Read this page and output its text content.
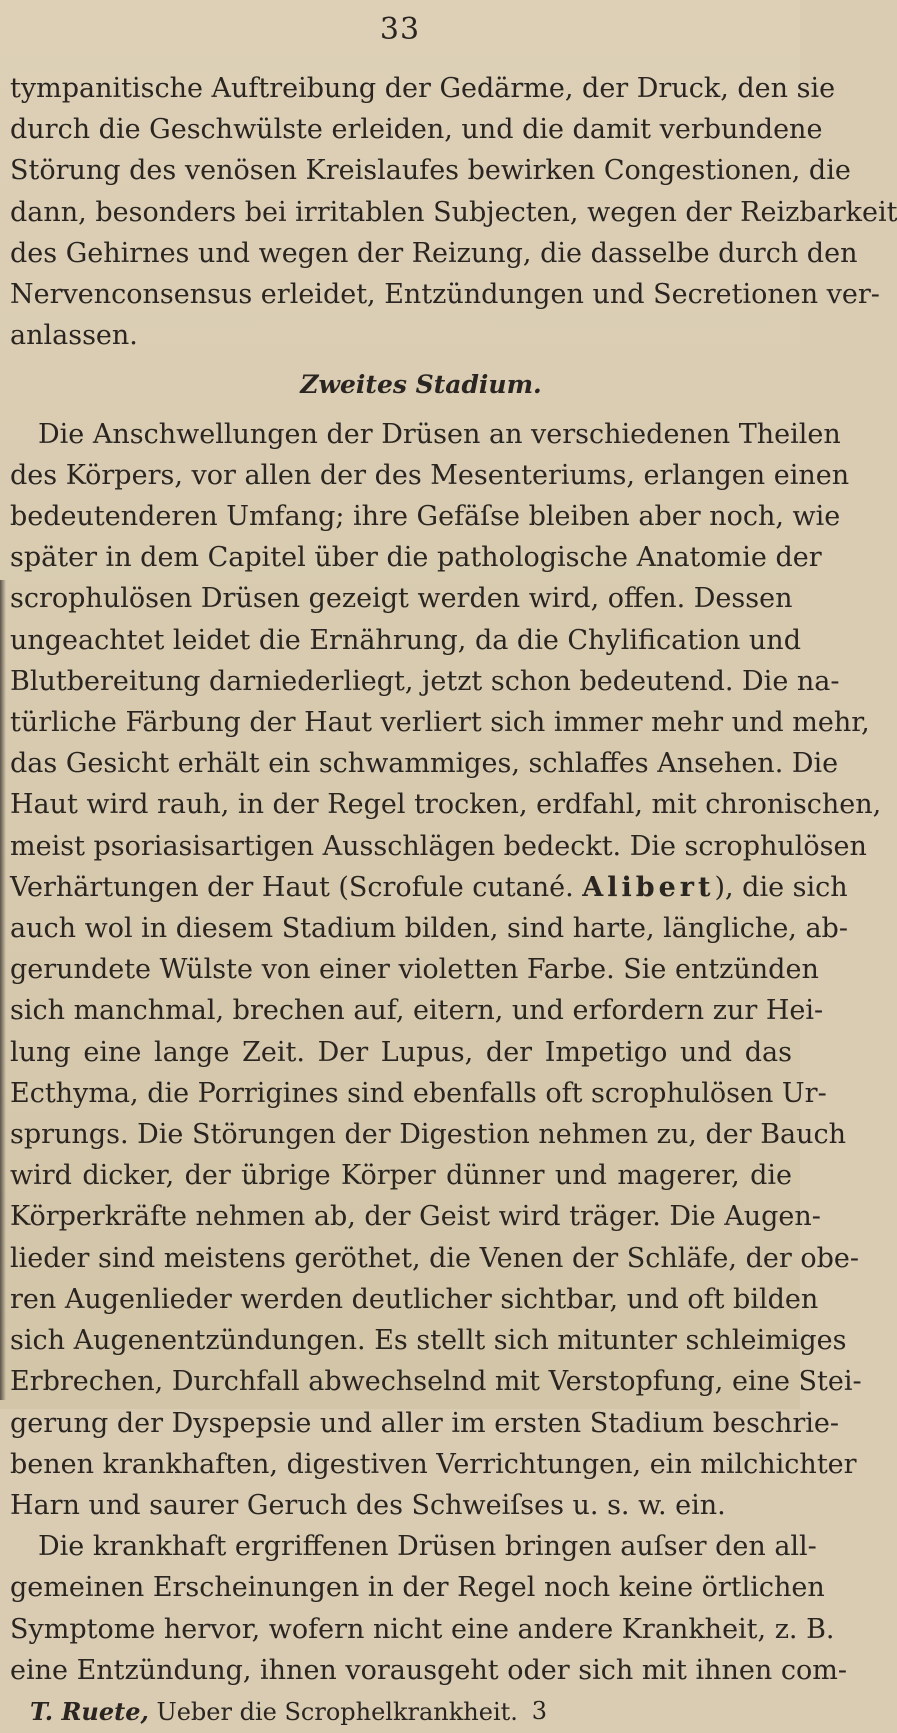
33
tympanitische Auftreibung der Gedärme, der Druck, den sie
durch die Geschwülste erleiden, und die damit verbundene
Störung des venösen Kreislaufes bewirken Congestionen, die
dann, besonders bei irritablen Subjecten, wegen der Reizbarkeit
des Gehirnes und wegen der Reizung, die dasselbe durch den
Nervenconsensus erleidet, Entzündungen und Secretionen ver-
anlassen.
Zweites Stadium.
Die Anschwellungen der Drüsen an verschiedenen Theilen
des Körpers, vor allen der des Mesenteriums, erlangen einen
bedeutenderen Umfang; ihre Gefäſse bleiben aber noch, wie
später in dem Capitel über die pathologische Anatomie der
scrophulösen Drüsen gezeigt werden wird, offen. Dessen
ungeachtet leidet die Ernährung, da die Chylification und
Blutbereitung darniederliegt, jetzt schon bedeutend. Die na-
türliche Färbung der Haut verliert sich immer mehr und mehr,
das Gesicht erhält ein schwammiges, schlaffes Ansehen. Die
Haut wird rauh, in der Regel trocken, erdfahl, mit chronischen,
meist psoriasisartigen Ausschlägen bedeckt. Die scrophulösen
Verhärtungen der Haut (Scrofule cutané. Alibert), die sich
auch wol in diesem Stadium bilden, sind harte, längliche, ab-
gerundete Wülste von einer violetten Farbe. Sie entzünden
sich manchmal, brechen auf, eitern, und erfordern zur Hei-
lung eine lange Zeit. Der Lupus, der Impetigo und das
Ecthyma, die Porrigines sind ebenfalls oft scrophulösen Ur-
sprungs. Die Störungen der Digestion nehmen zu, der Bauch
wird dicker, der übrige Körper dünner und magerer, die
Körperkräfte nehmen ab, der Geist wird träger. Die Augen-
lieder sind meistens geröthet, die Venen der Schläfe, der obe-
ren Augenlieder werden deutlicher sichtbar, und oft bilden
sich Augenentzündungen. Es stellt sich mitunter schleimiges
Erbrechen, Durchfall abwechselnd mit Verstopfung, eine Stei-
gerung der Dyspepsie und aller im ersten Stadium beschrie-
benen krankhaften, digestiven Verrichtungen, ein milchichter
Harn und saurer Geruch des Schweiſses u. s. w. ein.
Die krankhaft ergriffenen Drüsen bringen auſser den all-
gemeinen Erscheinungen in der Regel noch keine örtlichen
Symptome hervor, wofern nicht eine andere Krankheit, z. B.
eine Entzündung, ihnen vorausgeht oder sich mit ihnen com-
T. Ruete, Ueber die Scrophelkrankheit. 3
